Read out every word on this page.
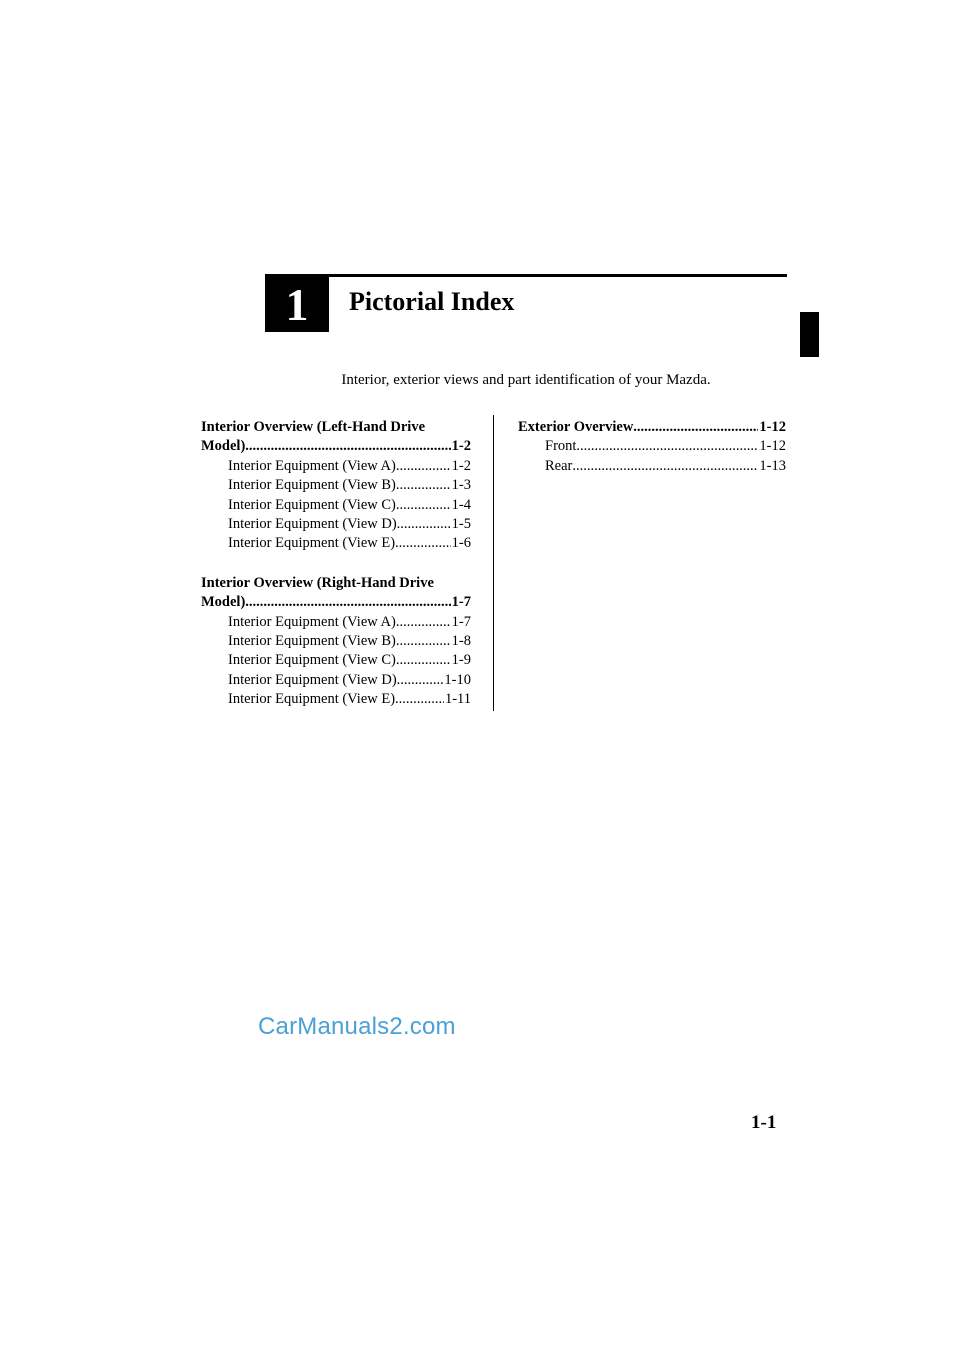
1	Pictorial Index
Interior, exterior views and part identification of your Mazda.
Interior Overview (Left-Hand Drive
Model) .....	1-2
Interior Equipment (View A) .....	1-2
Interior Equipment (View B) .....	1-3
Interior Equipment (View C) .....	1-4
Interior Equipment (View D) .....	1-5
Interior Equipment (View E) .....	1-6
Interior Overview (Right-Hand Drive
Model) .....	1-7
Interior Equipment (View A) .....	1-7
Interior Equipment (View B) .....	1-8
Interior Equipment (View C) .....	1-9
Interior Equipment (View D) .....	1-10
Interior Equipment (View E) .....	1-11
Exterior Overview .....	1-12
Front .....	1-12
Rear .....	1-13
CarManuals2.com
1-1
